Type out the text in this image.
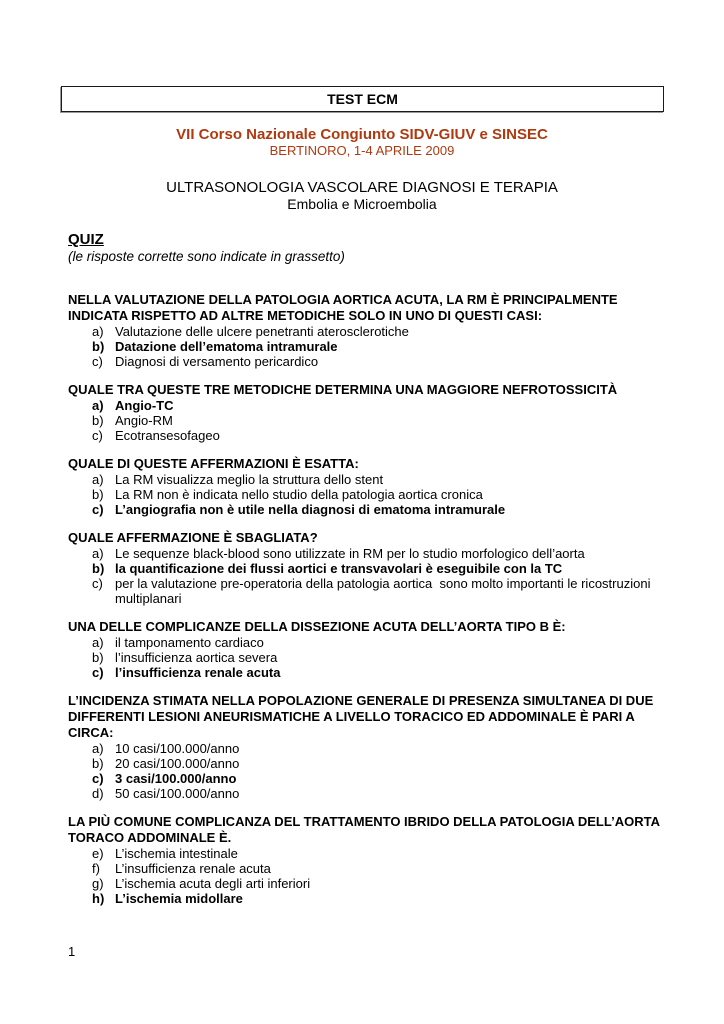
TEST ECM
VII Corso Nazionale Congiunto SIDV-GIUV e SINSEC
BERTINORO, 1-4 APRILE 2009
ULTRASONOLOGIA VASCOLARE DIAGNOSI E TERAPIA
Embolia e Microembolia
QUIZ
(le risposte corrette sono indicate in grassetto)
NELLA VALUTAZIONE DELLA PATOLOGIA AORTICA ACUTA, LA RM È PRINCIPALMENTE INDICATA RISPETTO AD ALTRE METODICHE SOLO IN UNO DI QUESTI CASI:
a) Valutazione delle ulcere penetranti aterosclerotiche
b) Datazione dell’ematoma intramurale
c) Diagnosi di versamento pericardico
QUALE TRA QUESTE TRE METODICHE DETERMINA UNA MAGGIORE NEFROTOSSICITÀ
a) Angio-TC
b) Angio-RM
c) Ecotransesofageo
QUALE DI QUESTE AFFERMAZIONI È ESATTA:
a) La RM visualizza meglio la struttura dello stent
b) La RM non è indicata nello studio della patologia aortica cronica
c) L’angiografia non è utile nella diagnosi di ematoma intramurale
QUALE AFFERMAZIONE È SBAGLIATA?
a) Le sequenze black-blood sono utilizzate in RM per lo studio morfologico dell’aorta
b) la quantificazione dei flussi aortici e transvavolari è eseguibile con la TC
c) per la valutazione pre-operatoria della patologia aortica  sono molto importanti le ricostruzioni multiplanari
UNA DELLE COMPLICANZE DELLA DISSEZIONE ACUTA DELL’AORTA TIPO B È:
a) il tamponamento cardiaco
b) l’insufficienza aortica severa
c) l’insufficienza renale acuta
L’INCIDENZA STIMATA NELLA POPOLAZIONE GENERALE DI PRESENZA SIMULTANEA DI DUE DIFFERENTI LESIONI ANEURISMATICHE A LIVELLO TORACICO ED ADDOMINALE È PARI A CIRCA:
a) 10 casi/100.000/anno
b) 20 casi/100.000/anno
c) 3 casi/100.000/anno
d) 50 casi/100.000/anno
LA PIÙ COMUNE COMPLICANZA DEL TRATTAMENTO IBRIDO DELLA PATOLOGIA DELL’AORTA TORACO ADDOMINALE È.
e) L’ischemia intestinale
f)	L’insufficienza renale acuta
g) L’ischemia acuta degli arti inferiori
h) L’ischemia midollare
1
